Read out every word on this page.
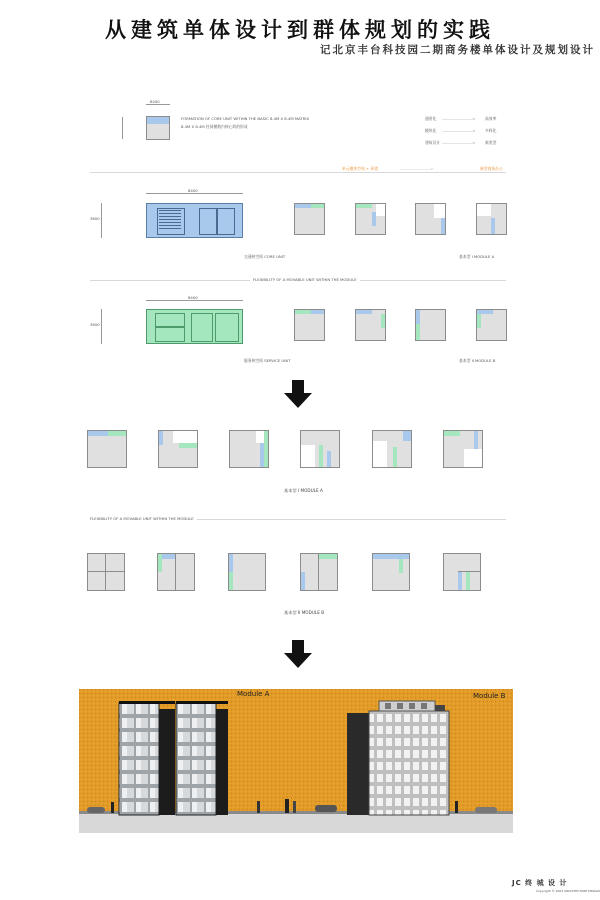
从建筑单体设计到群体规划的实践
记北京丰台科技园二期商务楼单体设计及规划设计
8400
FORMATION OF CORE UNIT WITHIN THE BASIC 8.4M X 8.4M MATRIX
8.4M X 8.4M 柱网模数内核心筒的形成
通用化 ――――――――> 高效率
模块化 ――――――――> 多样化
建筑设计 ――――――――> 新类型
单元模块空间 + 环境	――――――――>	新型商务办公
8400
3600
交通核空间 CORE UNIT	基本型 I MODULE A
FLEXIBILITY OF A MOVABLE UNIT WITHIN THE MODULE
8400
3600
服务核空间 SERVICE UNIT	基本型 II MODULE B
基本型 I MODULE A
FLEXIBILITY OF A MOVABLE UNIT WITHIN THE MODULE
基本型 II MODULE B
Module A	Module B
JC 终 城 设 计
Copyright © 2003 ARCHITECTURE DESIGN
